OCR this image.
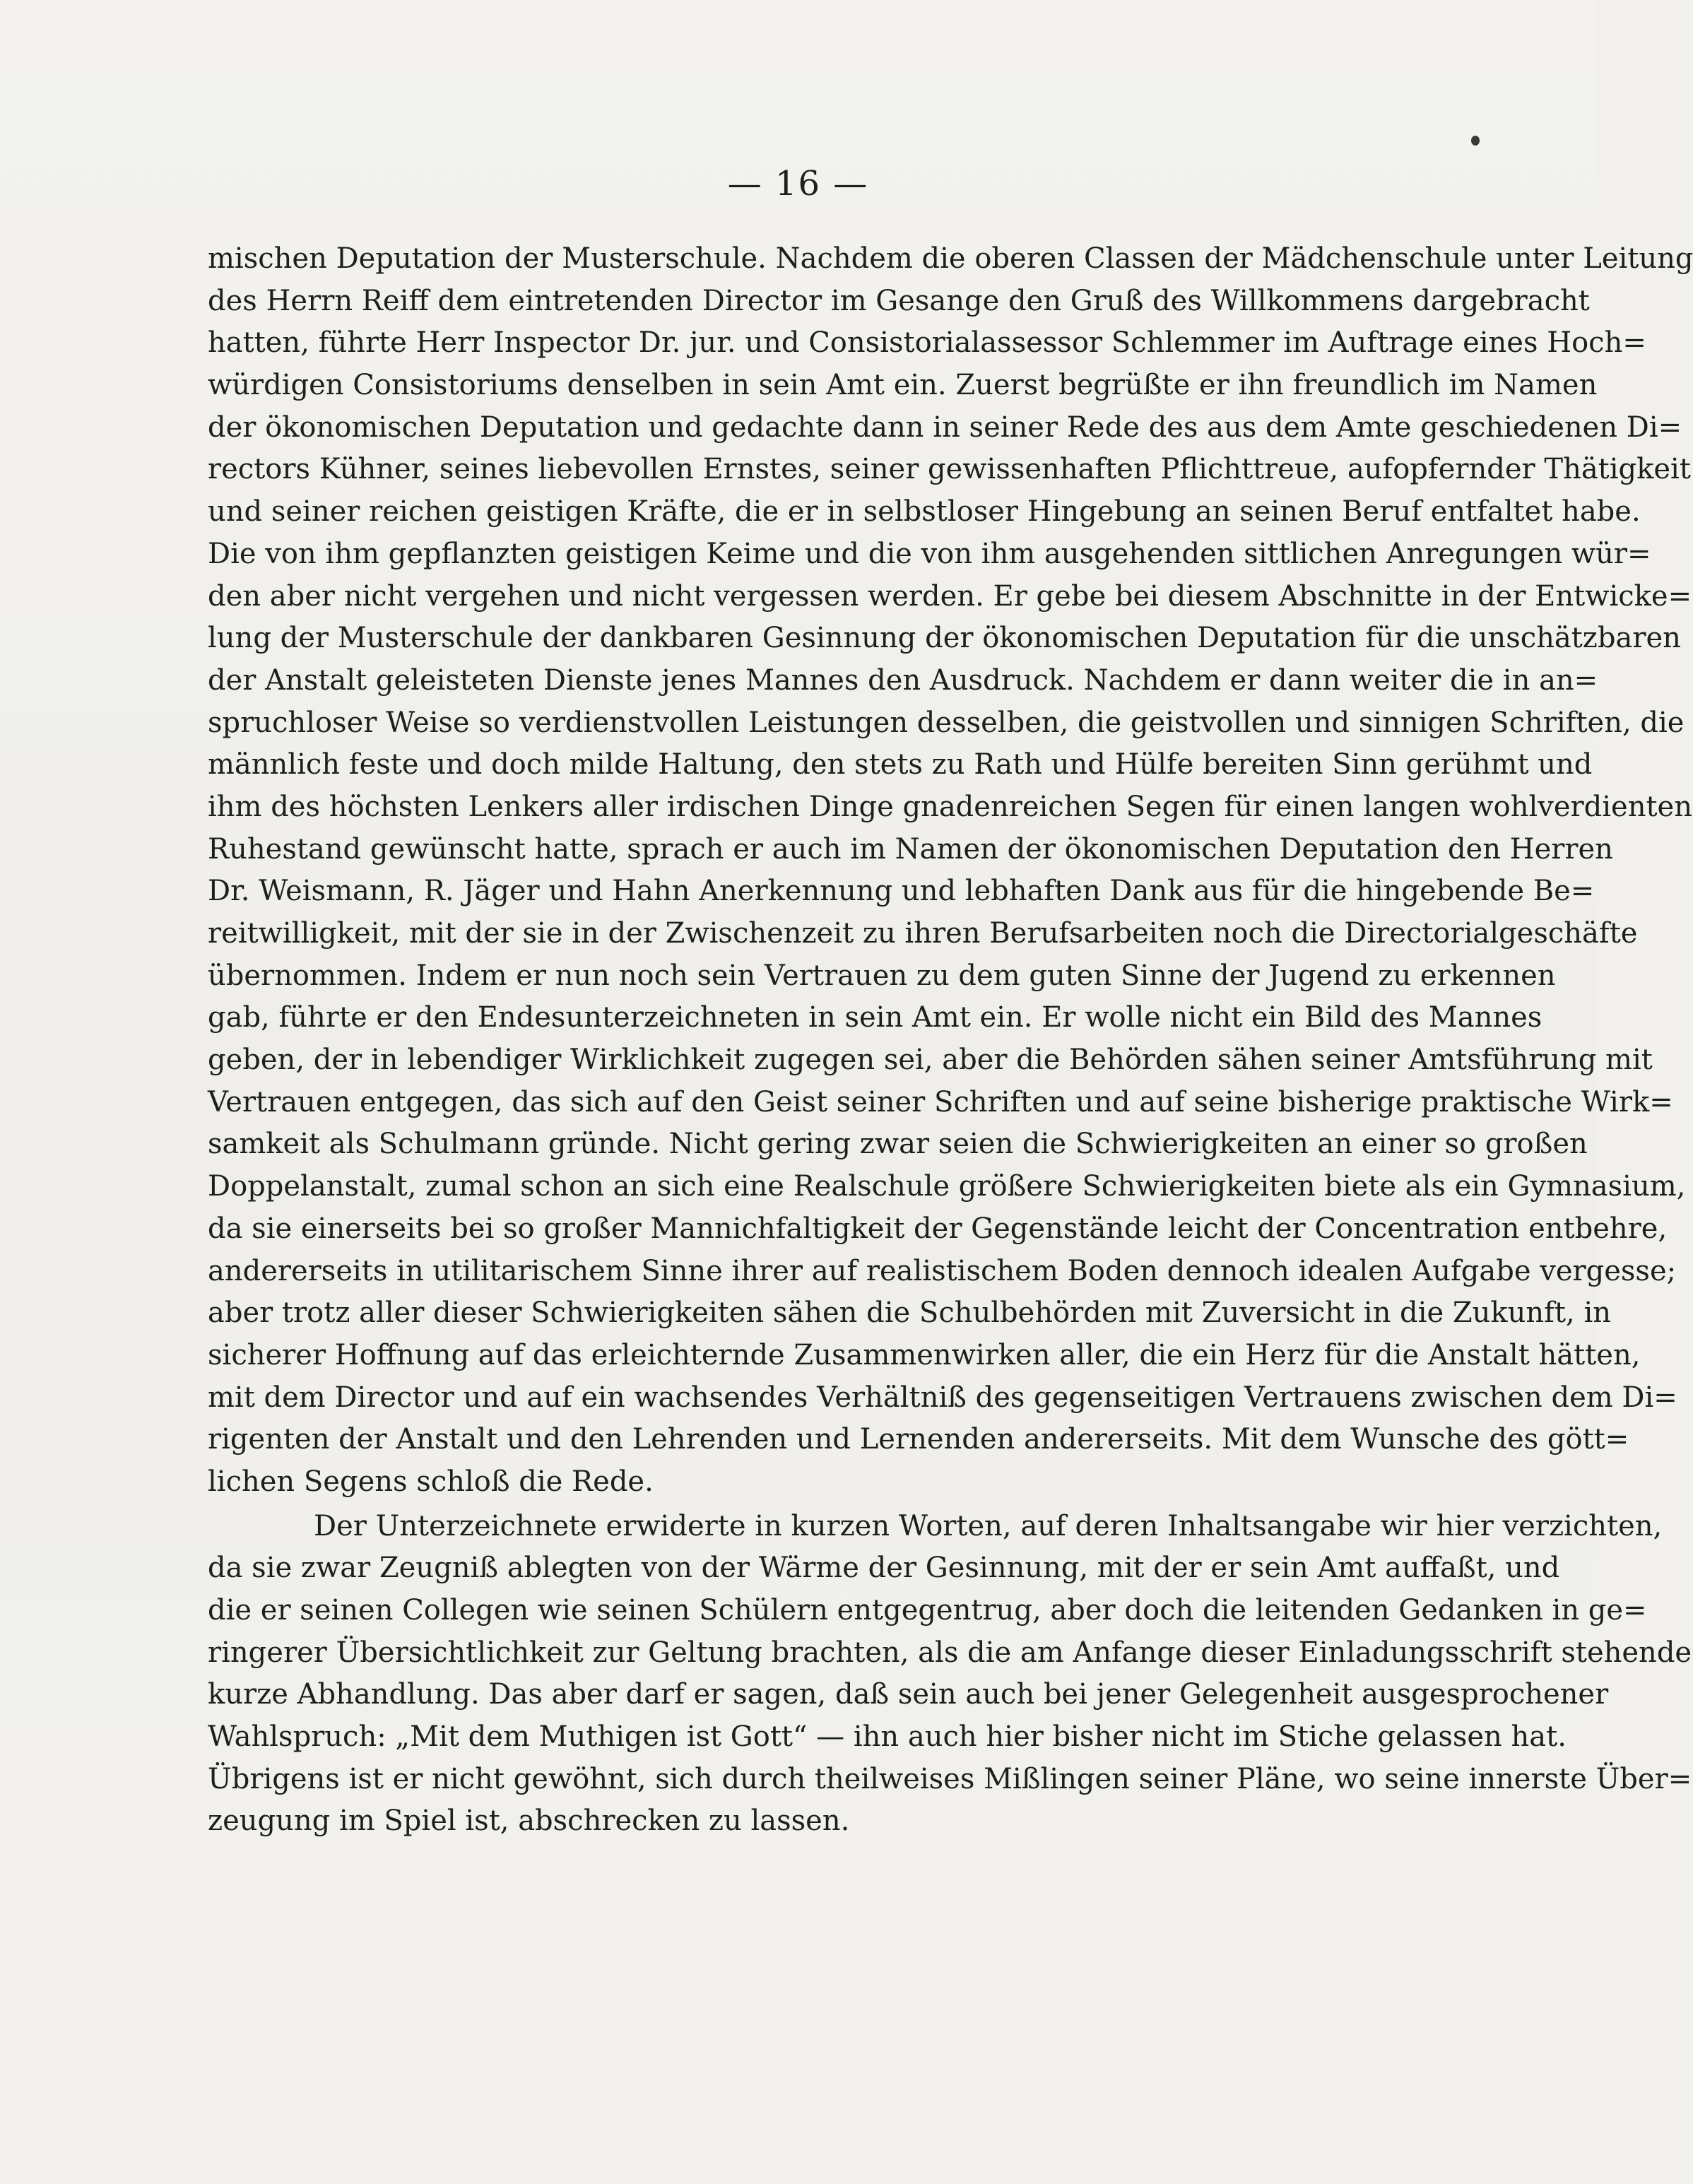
— 16 —
mischen Deputation der Musterschule. Nachdem die oberen Classen der Mädchenschule unter Leitung
des Herrn Reiff dem eintretenden Director im Gesange den Gruß des Willkommens dargebracht
hatten, führte Herr Inspector Dr. jur. und Consistorialassessor Schlemmer im Auftrage eines Hoch=
würdigen Consistoriums denselben in sein Amt ein. Zuerst begrüßte er ihn freundlich im Namen
der ökonomischen Deputation und gedachte dann in seiner Rede des aus dem Amte geschiedenen Di=
rectors Kühner, seines liebevollen Ernstes, seiner gewissenhaften Pflichttreue, aufopfernder Thätigkeit
und seiner reichen geistigen Kräfte, die er in selbstloser Hingebung an seinen Beruf entfaltet habe.
Die von ihm gepflanzten geistigen Keime und die von ihm ausgehenden sittlichen Anregungen wür=
den aber nicht vergehen und nicht vergessen werden. Er gebe bei diesem Abschnitte in der Entwicke=
lung der Musterschule der dankbaren Gesinnung der ökonomischen Deputation für die unschätzbaren
der Anstalt geleisteten Dienste jenes Mannes den Ausdruck. Nachdem er dann weiter die in an=
spruchloser Weise so verdienstvollen Leistungen desselben, die geistvollen und sinnigen Schriften, die
männlich feste und doch milde Haltung, den stets zu Rath und Hülfe bereiten Sinn gerühmt und
ihm des höchsten Lenkers aller irdischen Dinge gnadenreichen Segen für einen langen wohlverdienten
Ruhestand gewünscht hatte, sprach er auch im Namen der ökonomischen Deputation den Herren
Dr. Weismann, R. Jäger und Hahn Anerkennung und lebhaften Dank aus für die hingebende Be=
reitwilligkeit, mit der sie in der Zwischenzeit zu ihren Berufsarbeiten noch die Directorialgeschäfte
übernommen. Indem er nun noch sein Vertrauen zu dem guten Sinne der Jugend zu erkennen
gab, führte er den Endesunterzeichneten in sein Amt ein. Er wolle nicht ein Bild des Mannes
geben, der in lebendiger Wirklichkeit zugegen sei, aber die Behörden sähen seiner Amtsführung mit
Vertrauen entgegen, das sich auf den Geist seiner Schriften und auf seine bisherige praktische Wirk=
samkeit als Schulmann gründe. Nicht gering zwar seien die Schwierigkeiten an einer so großen
Doppelanstalt, zumal schon an sich eine Realschule größere Schwierigkeiten biete als ein Gymnasium,
da sie einerseits bei so großer Mannichfaltigkeit der Gegenstände leicht der Concentration entbehre,
andererseits in utilitarischem Sinne ihrer auf realistischem Boden dennoch idealen Aufgabe vergesse;
aber trotz aller dieser Schwierigkeiten sähen die Schulbehörden mit Zuversicht in die Zukunft, in
sicherer Hoffnung auf das erleichternde Zusammenwirken aller, die ein Herz für die Anstalt hätten,
mit dem Director und auf ein wachsendes Verhältniß des gegenseitigen Vertrauens zwischen dem Di=
rigenten der Anstalt und den Lehrenden und Lernenden andererseits. Mit dem Wunsche des gött=
lichen Segens schloß die Rede.
Der Unterzeichnete erwiderte in kurzen Worten, auf deren Inhaltsangabe wir hier verzichten,
da sie zwar Zeugniß ablegten von der Wärme der Gesinnung, mit der er sein Amt auffaßt, und
die er seinen Collegen wie seinen Schülern entgegentrug, aber doch die leitenden Gedanken in ge=
ringerer Übersichtlichkeit zur Geltung brachten, als die am Anfange dieser Einladungsschrift stehende
kurze Abhandlung. Das aber darf er sagen, daß sein auch bei jener Gelegenheit ausgesprochener
Wahlspruch: „Mit dem Muthigen ist Gott“ — ihn auch hier bisher nicht im Stiche gelassen hat.
Übrigens ist er nicht gewöhnt, sich durch theilweises Mißlingen seiner Pläne, wo seine innerste Über=
zeugung im Spiel ist, abschrecken zu lassen.
